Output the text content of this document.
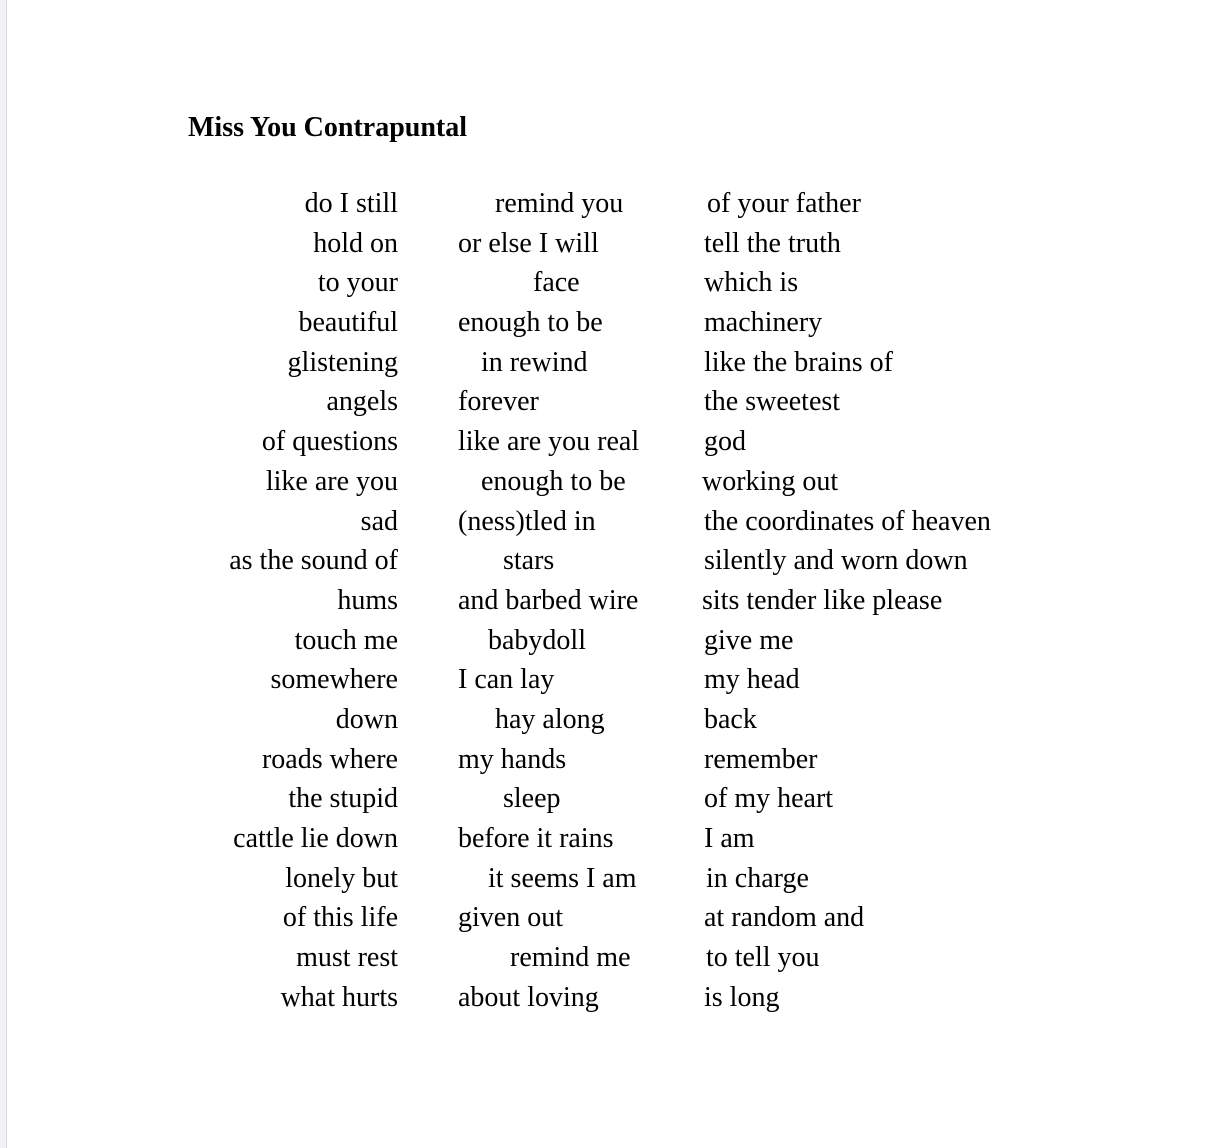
Miss You Contrapuntal
do I still
hold on
to your
beautiful
glistening
angels
of questions
like are you
sad
as the sound of
hums
touch me
somewhere
down
roads where
the stupid
cattle lie down
lonely but
of this life
must rest
what hurts
remind you
or else I will
face
enough to be
in rewind
forever
like are you real
enough to be
(ness)tled in
stars
and barbed wire
babydoll
I can lay
hay along
my hands
sleep
before it rains
it seems I am
given out
remind me
about loving
of your father
tell the truth
which is
machinery
like the brains of
the sweetest
god
working out
the coordinates of heaven
silently and worn down
sits tender like please
give me
my head
back
remember
of my heart
I am
in charge
at random and
to tell you
is long
